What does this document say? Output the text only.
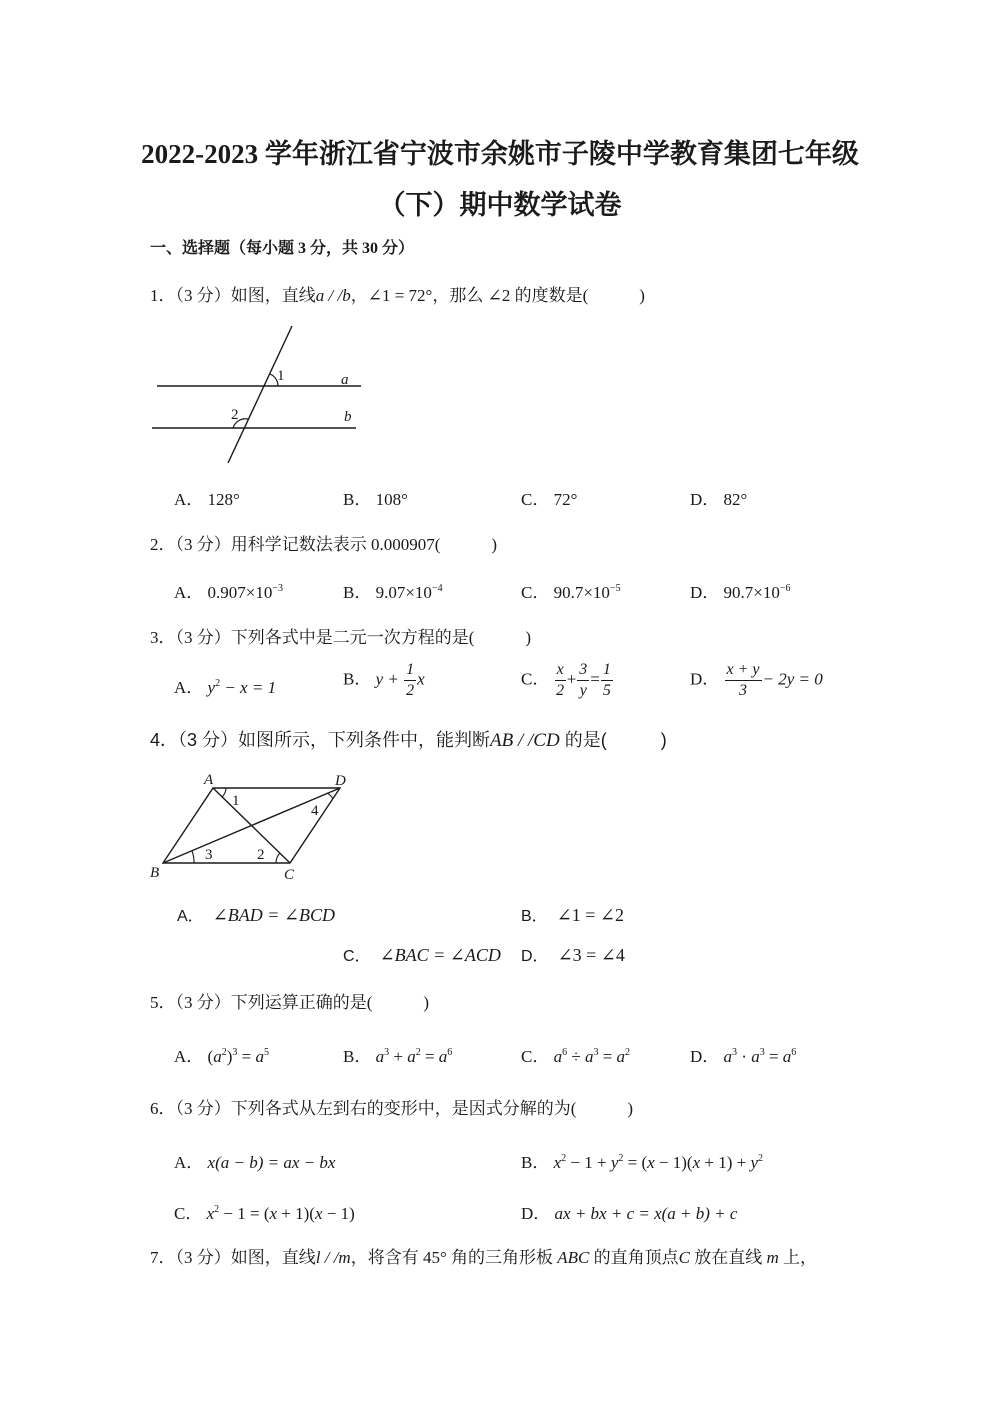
2022-2023 学年浙江省宁波市余姚市子陵中学教育集团七年级
（下）期中数学试卷
一、选择题（每小题 3 分，共 30 分）
1．（3 分）如图，直线a / /b，∠1 = 72°，那么 ∠2 的度数是(　　　)
1
2
a
b
A． 128°	B． 108°	C． 72°	D． 82°
2．（3 分）用科学记数法表示 0.000907(　　　)
A． $0.907\times 10^{-3}$	B． $9.07\times 10^{-4}$	C． $90.7\times 10^{-5}$	D． $90.7\times 10^{-6}$
3．（3 分）下列各式中是二元一次方程的是(　　　)
A． $y^2 - x = 1$	B． $y + \frac{1}{2}$ x	C． $\frac{x}{2} + \frac{3}{y} = \frac{1}{5}$	D． $\frac{x + y}{3} - 2y = 0$
4．（3 分）如图所示，下列条件中，能判断AB / /CD 的是(　　　)
A	D
B	C
1
2
3
4
A． ∠BAD = ∠BCD	B． ∠1 = ∠2
C． ∠BAC = ∠ACD D． ∠3 = ∠4
5．（3 分）下列运算正确的是(　　　)
A． $(a^2)^3 = a^5$	B． $a^3 + a^2 = a^6$	C． $a^6 \div a^3 = a^2$	D． $a^3 \cdot a^3 = a^6$
6．（3 分）下列各式从左到右的变形中，是因式分解的为(　　　)
A． x(a − b) = ax − bx	B． $x^2 - 1 + y^2 = (x - 1)(x + 1) + y^2$
C． $x^2 - 1 = (x + 1)(x - 1)$	D． ax + bx + c = x(a + b) + c
7．（3 分）如图，直线l / /m，将含有 45° 角的三角形板 ABC 的直角顶点C 放在直线 m 上，
